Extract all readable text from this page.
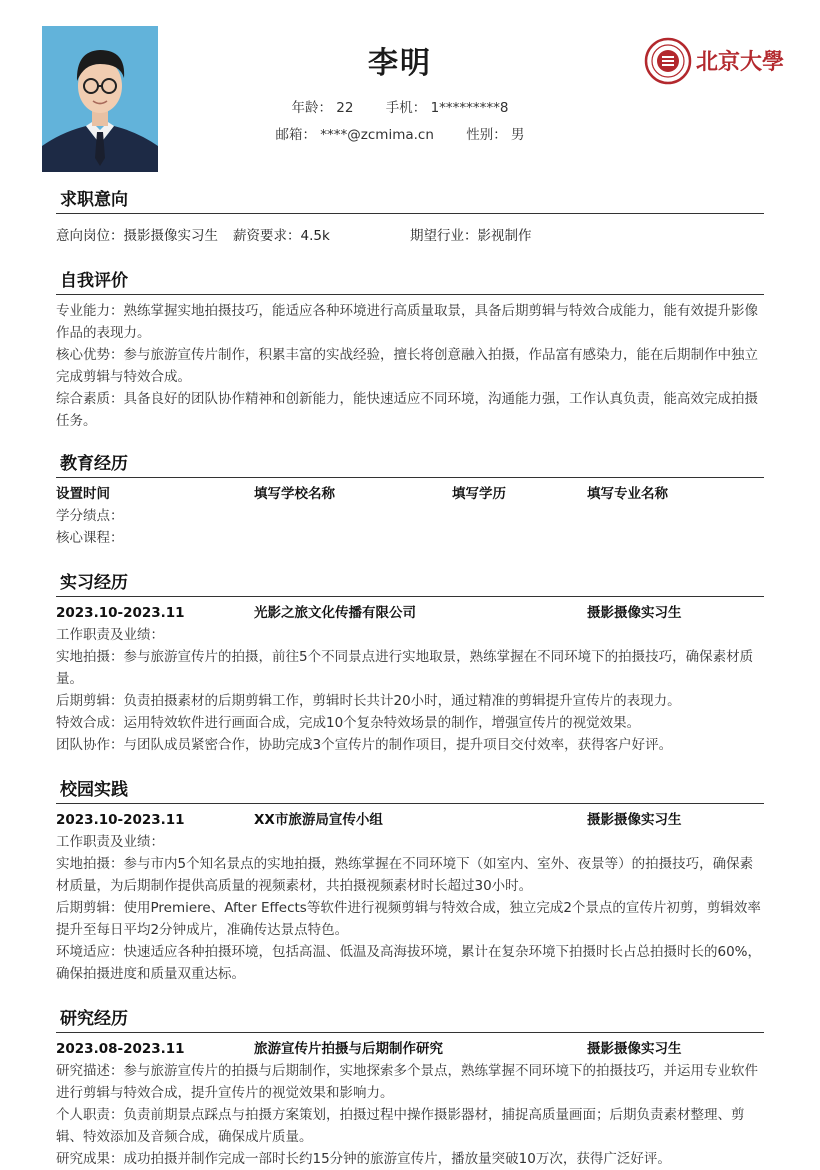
李明
年龄： 22 手机： 1*********8
邮箱： ****@zcmima.cn 性别： 男
北京大學
求职意向
意向岗位：摄影摄像实习生 薪资要求：4.5k	期望行业：影视制作
自我评价
专业能力：熟练掌握实地拍摄技巧，能适应各种环境进行高质量取景，具备后期剪辑与特效合成能力，能有效提升影像作品的表现力。
核心优势：参与旅游宣传片制作，积累丰富的实战经验，擅长将创意融入拍摄，作品富有感染力，能在后期制作中独立完成剪辑与特效合成。
综合素质：具备良好的团队协作精神和创新能力，能快速适应不同环境，沟通能力强，工作认真负责，能高效完成拍摄任务。
教育经历
设置时间	填写学校名称	填写学历	填写专业名称
学分绩点：
核心课程：
实习经历
2023.10-2023.11	光影之旅文化传播有限公司	摄影摄像实习生
工作职责及业绩：
实地拍摄：参与旅游宣传片的拍摄，前往5个不同景点进行实地取景，熟练掌握在不同环境下的拍摄技巧，确保素材质量。
后期剪辑：负责拍摄素材的后期剪辑工作，剪辑时长共计20小时，通过精准的剪辑提升宣传片的表现力。
特效合成：运用特效软件进行画面合成，完成10个复杂特效场景的制作，增强宣传片的视觉效果。
团队协作：与团队成员紧密合作，协助完成3个宣传片的制作项目，提升项目交付效率，获得客户好评。
校园实践
2023.10-2023.11	XX市旅游局宣传小组	摄影摄像实习生
工作职责及业绩：
实地拍摄：参与市内5个知名景点的实地拍摄，熟练掌握在不同环境下（如室内、室外、夜景等）的拍摄技巧，确保素材质量，为后期制作提供高质量的视频素材，共拍摄视频素材时长超过30小时。
后期剪辑：使用Premiere、After Effects等软件进行视频剪辑与特效合成，独立完成2个景点的宣传片初剪，剪辑效率提升至每日平均2分钟成片，准确传达景点特色。
环境适应：快速适应各种拍摄环境，包括高温、低温及高海拔环境，累计在复杂环境下拍摄时长占总拍摄时长的60%，确保拍摄进度和质量双重达标。
研究经历
2023.08-2023.11	旅游宣传片拍摄与后期制作研究	摄影摄像实习生
研究描述：参与旅游宣传片的拍摄与后期制作，实地探索多个景点，熟练掌握不同环境下的拍摄技巧，并运用专业软件进行剪辑与特效合成，提升宣传片的视觉效果和影响力。
个人职责：负责前期景点踩点与拍摄方案策划，拍摄过程中操作摄影器材，捕捉高质量画面；后期负责素材整理、剪辑、特效添加及音频合成，确保成片质量。
研究成果：成功拍摄并制作完成一部时长约15分钟的旅游宣传片，播放量突破10万次，获得广泛好评。
